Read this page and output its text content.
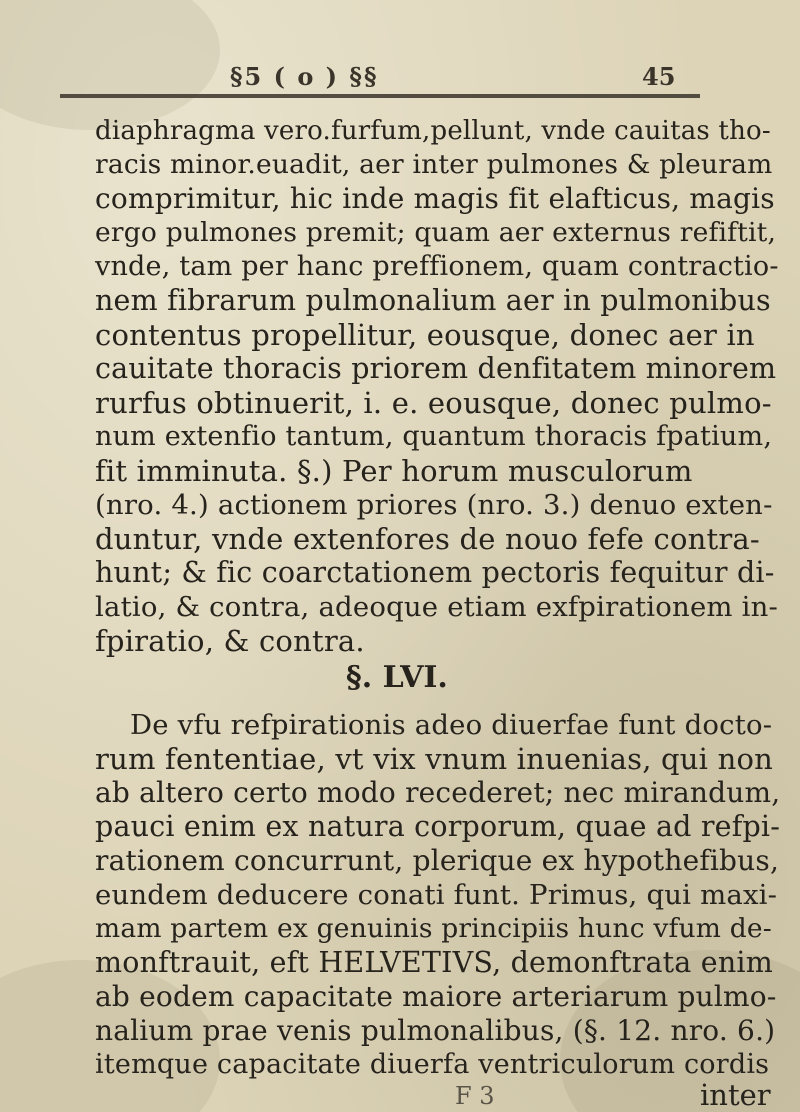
§5 ( o ) §§	45
diaphragma vero.furfum,pellunt, vnde cauitas tho-
racis minor.euadit, aer inter pulmones & pleuram
comprimitur, hic inde magis fit elafticus, magis
ergo pulmones premit; quam aer externus refiftit,
vnde, tam per hanc preffionem, quam contractio-
nem fibrarum pulmonalium aer in pulmonibus
contentus propellitur, eousque, donec aer in
cauitate thoracis priorem denfitatem minorem
rurfus obtinuerit, i. e. eousque, donec pulmo-
num extenfio tantum, quantum thoracis fpatium,
fit imminuta. §.) Per horum musculorum
(nro. 4.) actionem priores (nro. 3.) denuo exten-
duntur, vnde extenfores de nouo fefe contra-
hunt; & fic coarctationem pectoris fequitur di-
latio, & contra, adeoque etiam exfpirationem in-
fpiratio, & contra.
§. LVI.
De vfu refpirationis adeo diuerfae funt docto-
rum fententiae, vt vix vnum inuenias, qui non
ab altero certo modo recederet; nec mirandum,
pauci enim ex natura corporum, quae ad refpi-
rationem concurrunt, plerique ex hypothefibus,
eundem deducere conati funt. Primus, qui maxi-
mam partem ex genuinis principiis hunc vfum de-
monftrauit, eft HELVETIVS, demonftrata enim
ab eodem capacitate maiore arteriarum pulmo-
nalium prae venis pulmonalibus, (§. 12. nro. 6.)
itemque capacitate diuerfa ventriculorum cordis
F 3	inter
